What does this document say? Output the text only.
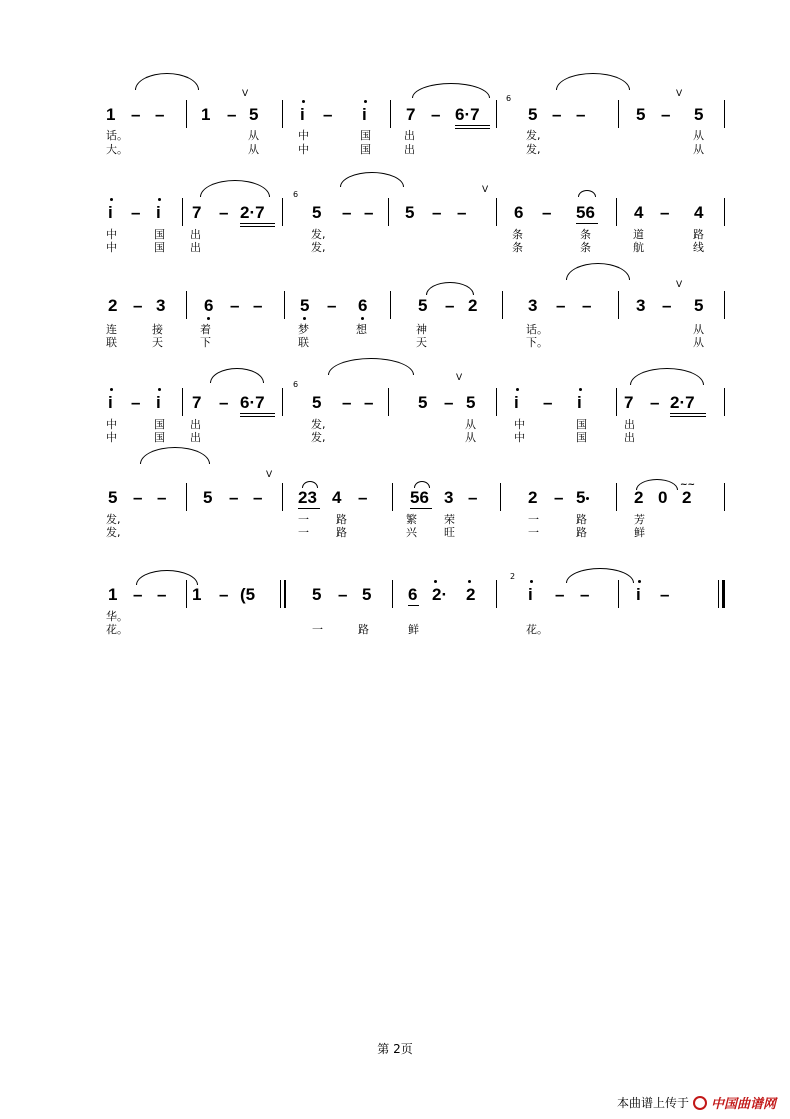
V	V
6
1 – – 1 – 5 i – i 7 – 6·7	5 – –	5 – 5
话。	从	中	国	出	发,	从
大。	从	中	国	出	发,	从
V
6
i – i 7 – 2·7	5 – – 5 – –	6 – 56 4 – 4
中	国 出	发,	条	条	道	路
中	国 出	发,	条	条	航	线
V
2 – 3 6 – – 5 – 6	5 – 2	3 – –	3 – 5
连	接	着	梦	想	神	话。	从
联	天	下	联	天	下。	从
V
6
i – i 7 – 6·7	5 – –	5 – 5 i – i 7 – 2·7
中	国 出	发,	从	中	国	出
中	国 出	发,	从	中	国	出
V
~~
5 – – 5 – – 23 4 –	56 3 –	2 – 5	2 0 2
发,	一 路	繁 荣	一	路	芳
发,	一 路	兴 旺	一	路	鲜
2
1 – – 1 – (5	5 – 5 6 2· 2	i – –	i –
华。
花。	一	路	鲜	花。
第 2页
本曲谱上传于 中国曲谱网
